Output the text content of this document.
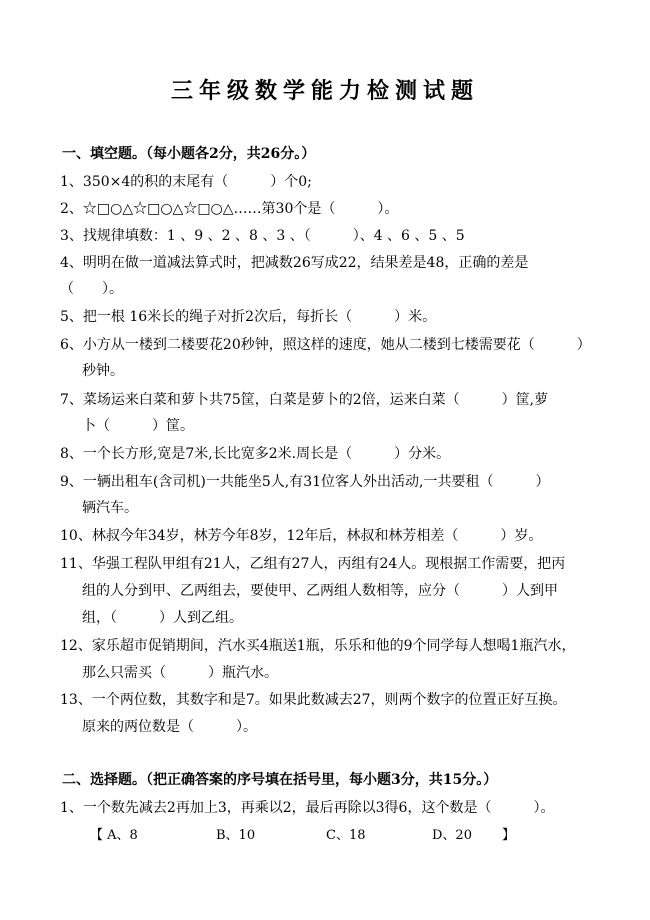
三年级数学能力检测试题
一、填空题。（每小题各2分，共26分。）
1、350×4的积的末尾有（　　　）个0;
2、☆□○△☆□○△☆□○△……第30个是（　　　）。
3、找规律填数：1 、9 、2 、8 、3 、（　　　）、4 、6 、5 、5
4、明明在做一道减法算式时，把减数26写成22，结果差是48，正确的差是
（　　）。
5、把一根 16米长的绳子对折2次后，每折长（　　　）米。
6、小方从一楼到二楼要花20秒钟，照这样的速度，她从二楼到七楼需要花（　　　）
秒钟。
7、菜场运来白菜和萝卜共75筐，白菜是萝卜的2倍，运来白菜（　　　）筐,萝
卜（　　　）筐。
8、一个长方形,宽是7米,长比宽多2米.周长是（　　　）分米。
9、一辆出租车(含司机)一共能坐5人,有31位客人外出活动,一共要租（　　　）
辆汽车。
10、林叔今年34岁，林芳今年8岁，12年后，林叔和林芳相差（　　　）岁。
11、华强工程队甲组有21人，乙组有27人，丙组有24人。现根据工作需要，把丙
组的人分到甲、乙两组去，要使甲、乙两组人数相等，应分（　　　）人到甲
组，（　　　）人到乙组。
12、家乐超市促销期间，汽水买4瓶送1瓶，乐乐和他的9个同学每人想喝1瓶汽水，
那么只需买（　　　）瓶汽水。
13、一个两位数，其数字和是7。如果此数减去27，则两个数字的位置正好互换。
原来的两位数是（　　　）。
二、选择题。（把正确答案的序号填在括号里，每小题3分，共15分。）
1、一个数先减去2再加上3，再乘以2，最后再除以3得6，这个数是（　　　）。
【 A、8	B、10	C、18	D、20 】
